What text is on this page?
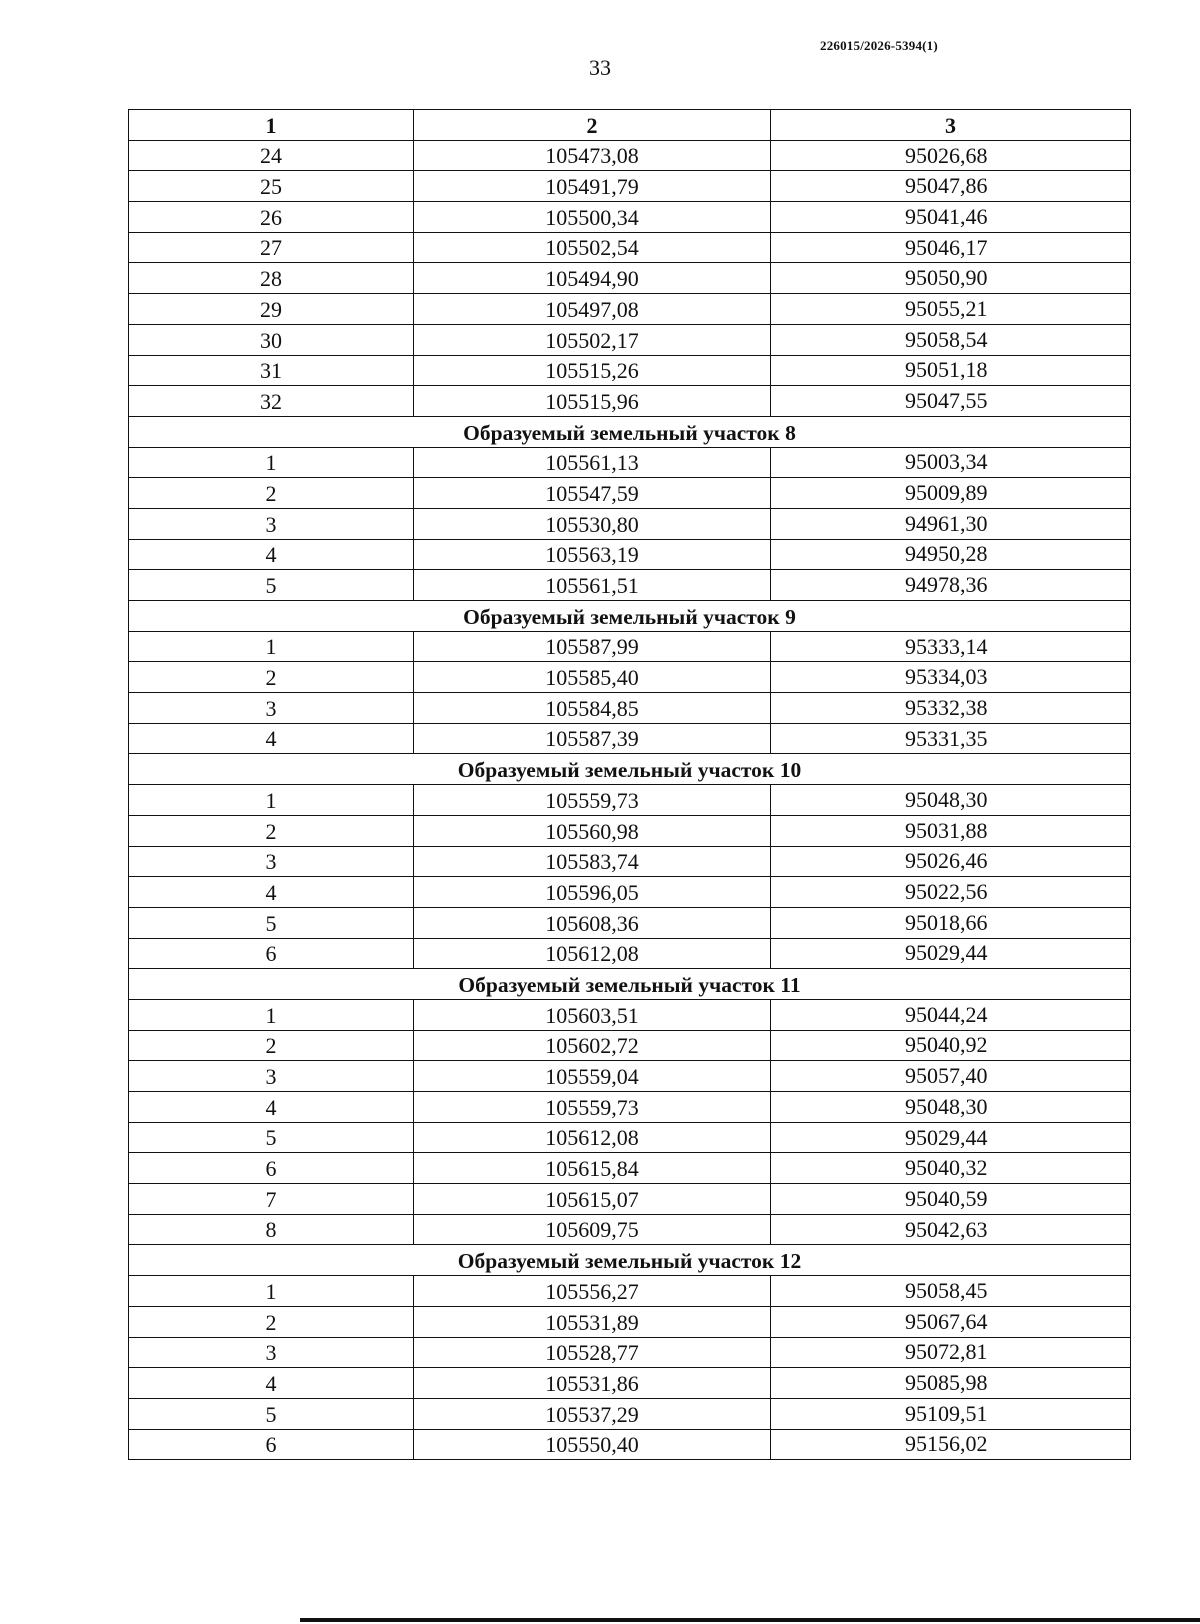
226015/2026-5394(1)
33
1	2	3
24	105473,08	95026,68
25	105491,79	95047,86
26	105500,34	95041,46
27	105502,54	95046,17
28	105494,90	95050,90
29	105497,08	95055,21
30	105502,17	95058,54
31	105515,26	95051,18
32	105515,96	95047,55
Образуемый земельный участок 8		
1	105561,13	95003,34
2	105547,59	95009,89
3	105530,80	94961,30
4	105563,19	94950,28
5	105561,51	94978,36
Образуемый земельный участок 9		
1	105587,99	95333,14
2	105585,40	95334,03
3	105584,85	95332,38
4	105587,39	95331,35
Образуемый земельный участок 10		
1	105559,73	95048,30
2	105560,98	95031,88
3	105583,74	95026,46
4	105596,05	95022,56
5	105608,36	95018,66
6	105612,08	95029,44
Образуемый земельный участок 11		
1	105603,51	95044,24
2	105602,72	95040,92
3	105559,04	95057,40
4	105559,73	95048,30
5	105612,08	95029,44
6	105615,84	95040,32
7	105615,07	95040,59
8	105609,75	95042,63
Образуемый земельный участок 12		
1	105556,27	95058,45
2	105531,89	95067,64
3	105528,77	95072,81
4	105531,86	95085,98
5	105537,29	95109,51
6	105550,40	95156,02
